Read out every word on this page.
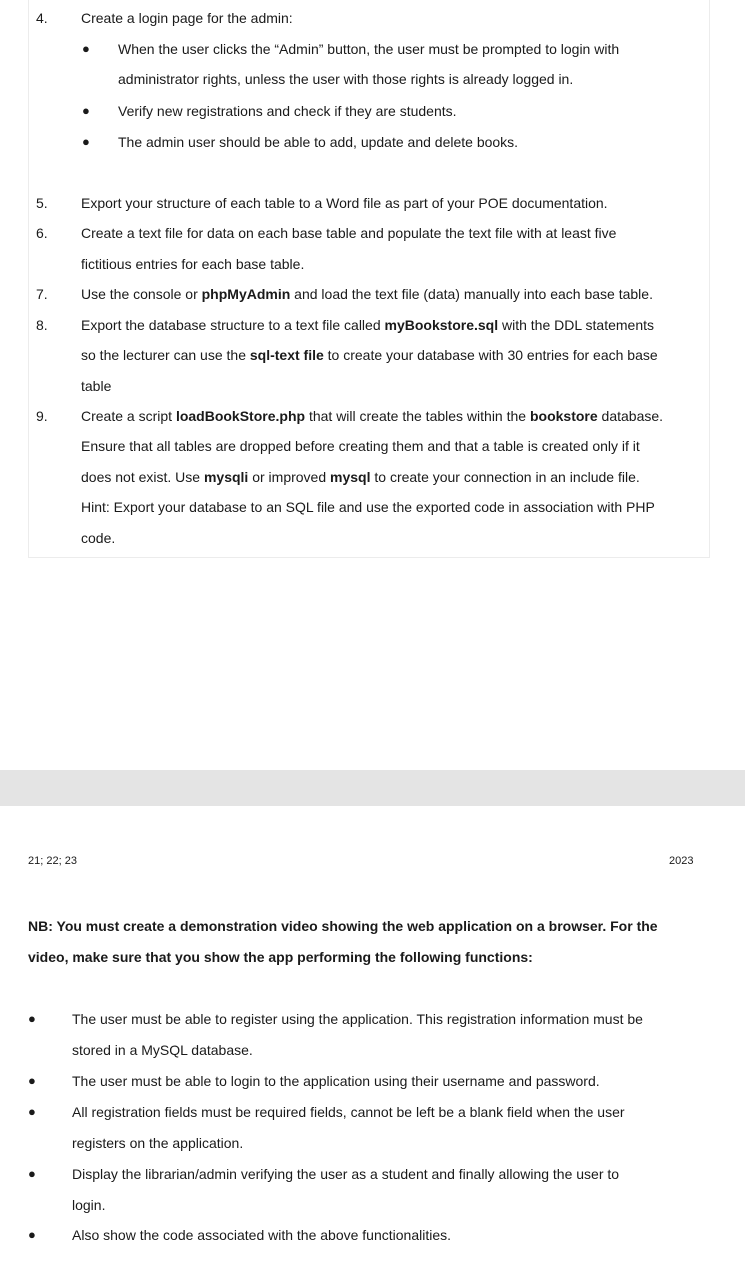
4.	Create a login page for the admin:
● When the user clicks the “Admin” button, the user must be prompted to login with
administrator rights, unless the user with those rights is already logged in.
● Verify new registrations and check if they are students.
● The admin user should be able to add, update and delete books.
5.	Export your structure of each table to a Word file as part of your POE documentation.
6.	Create a text file for data on each base table and populate the text file with at least five
fictitious entries for each base table.
7.	Use the console or phpMyAdmin and load the text file (data) manually into each base table.
8.	Export the database structure to a text file called myBookstore.sql with the DDL statements
so the lecturer can use the sql-text file to create your database with 30 entries for each base
table
9.	Create a script loadBookStore.php that will create the tables within the bookstore database.
Ensure that all tables are dropped before creating them and that a table is created only if it
does not exist. Use mysqli or improved mysql to create your connection in an include file.
Hint: Export your database to an SQL file and use the exported code in association with PHP
code.
21; 22; 23	2023
NB: You must create a demonstration video showing the web application on a browser. For the
video, make sure that you show the app performing the following functions:
●	The user must be able to register using the application. This registration information must be
stored in a MySQL database.
●	The user must be able to login to the application using their username and password.
●	All registration fields must be required fields, cannot be left be a blank field when the user
registers on the application.
●	Display the librarian/admin verifying the user as a student and finally allowing the user to
login.
●	Also show the code associated with the above functionalities.
